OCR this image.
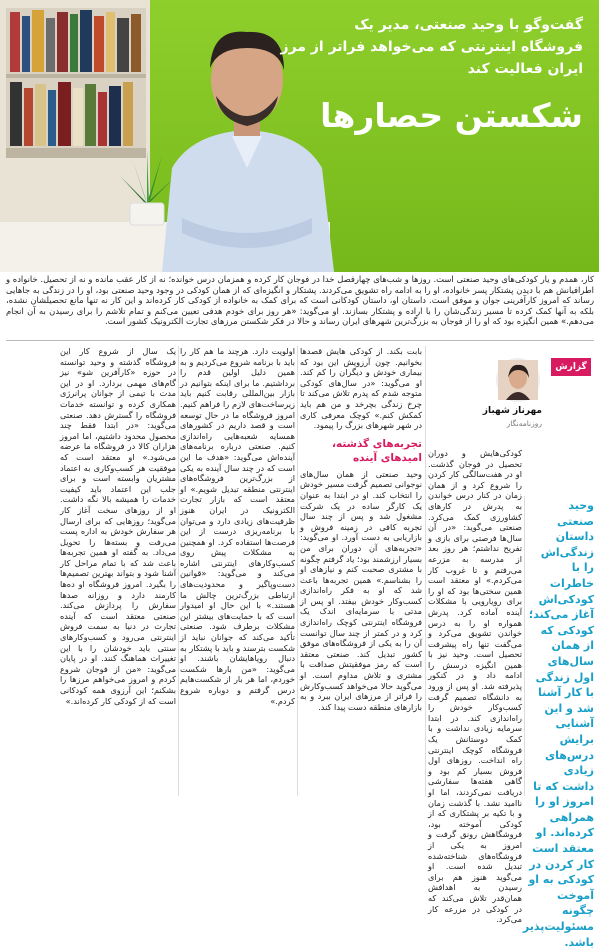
گفت‌وگو با وحید صنعتی، مدیر یک
فروشگاه اینترنتی که می‌خواهد فراتر از مرز ایران فعالیت کند
شکستن حصارها
کار، همدم و یار کودکی‌های وحید صنعتی است. روزها و شب‌های چهارفصل خدا در فوجان کار کرده و همزمان درس خوانده؛ نه از کار عقب مانده و نه از تحصیل. خانواده و اطرافیانش هم با دیدن پشتکار پسر خانواده، او را به ادامه راه تشویق می‌کردند. پشتکار و انگیزه‌ای که از همان کودکی در وجود وحید صنعتی بود، او را در زندگی به جاهایی رساند که امروز کارآفرینی جوان و موفق است. داستان او، داستان کودکانی است که برای کمک به خانواده از کودکی کار کرده‌اند و این کار نه تنها مانع تحصیلشان نشده، بلکه به آنها کمک کرده تا مسیر زندگی‌شان را با اراده و پشتکار بسازند. او می‌گوید: «هر روز برای خودم هدفی تعیین می‌کنم و تمام تلاشم را برای رسیدن به آن انجام می‌دهم.» همین انگیزه بود که او را از فوجان به بزرگ‌ترین شهرهای ایران رساند و حالا در فکر شکستن مرزهای تجارت الکترونیک کشور است.
گزارش
مهرناز شهباز
روزنامه‌نگار
کودکی‌هایش و دوران تحصیل در فوجان گذشت. او در هفت‌سالگی کار کردن را شروع کرد و از همان زمان در کنار درس خواندن به پدرش در کارهای کشاورزی کمک می‌کرد. صنعتی می‌گوید: «در آن سال‌ها فرصتی برای بازی و تفریح نداشتم؛ هر روز بعد از مدرسه به مزرعه می‌رفتم و تا غروب کار می‌کردم.» او معتقد است همین سختی‌ها بود که او را برای رویارویی با مشکلات آینده آماده کرد. پدرش همواره او را به درس خواندن تشویق می‌کرد و می‌گفت تنها راه پیشرفت تحصیل است. وحید نیز با همین انگیزه درسش را ادامه داد و در کنکور پذیرفته شد. او پس از ورود به دانشگاه تصمیم گرفت کسب‌وکار خودش را راه‌اندازی کند. در ابتدا سرمایه زیادی نداشت و با کمک دوستانش یک فروشگاه کوچک اینترنتی راه انداخت. روزهای اول فروش بسیار کم بود و گاهی هفته‌ها سفارشی دریافت نمی‌کردند، اما او ناامید نشد. با گذشت زمان و با تکیه بر پشتکاری که از کودکی آموخته بود، فروشگاهش رونق گرفت و امروز به یکی از فروشگاه‌های شناخته‌شده تبدیل شده است. او می‌گوید هنوز هم برای رسیدن به اهدافش همان‌قدر تلاش می‌کند که در کودکی در مزرعه کار می‌کرد.
وحید صنعتی داستان زندگی‌اش را با خاطرات کودکی‌اش آغاز می‌کند؛ کودکی که از همان سال‌های اول زندگی با کار آشنا شد و این آشنایی برایش درس‌های زیادی داشت که تا امروز او را همراهی کرده‌اند. او معتقد است کار کردن در کودکی به او آموخت چگونه مسئولیت‌پذیر باشد.
بابت بکند. از کودکی هایش قصدها بخوانیم. چون آرزویش این بود که بیماری خودش و دیگران را کم کند. او می‌گوید: «در سال‌های کودکی متوجه شدم که پدرم تلاش می‌کند تا چرخ زندگی بچرخد و من هم باید کمکش کنم.» کوچک معرفی کاری در شهر شهرهای بزرگ را پیمود.
تجربه‌های گذشته، امیدهای آینده
وحید صنعتی از همان سال‌های نوجوانی تصمیم گرفت مسیر خودش را انتخاب کند. او در ابتدا به عنوان یک کارگر ساده در یک شرکت مشغول شد و پس از چند سال تجربه کافی در زمینه فروش و بازاریابی به دست آورد. او می‌گوید: «تجربه‌های آن دوران برای من بسیار ارزشمند بود؛ یاد گرفتم چگونه با مشتری صحبت کنم و نیازهای او را بشناسم.» همین تجربه‌ها باعث شد که او به فکر راه‌اندازی کسب‌وکار خودش بیفتد. او پس از مدتی با سرمایه‌ای اندک یک فروشگاه اینترنتی کوچک راه‌اندازی کرد و در کمتر از چند سال توانست آن را به یکی از فروشگاه‌های موفق کشور تبدیل کند. صنعتی معتقد است که رمز موفقیتش صداقت با مشتری و تلاش مداوم است. او می‌گوید حالا می‌خواهد کسب‌وکارش را فراتر از مرزهای ایران ببرد و به بازارهای منطقه دست پیدا کند.
اولویت دارد. هرچند ما هم کار را باید با برنامه شروع می‌کردیم و به همین دلیل اولین قدم را برداشتیم. ما برای اینکه بتوانیم در بازار بین‌المللی رقابت کنیم باید زیرساخت‌های لازم را فراهم کنیم. امروز فروشگاه ما در حال توسعه است و قصد داریم در کشورهای همسایه شعبه‌هایی راه‌اندازی کنیم. صنعتی درباره برنامه‌های آینده‌اش می‌گوید: «هدف ما این است که در چند سال آینده به یکی از بزرگ‌ترین فروشگاه‌های اینترنتی منطقه تبدیل شویم.» او معتقد است که بازار تجارت الکترونیک در ایران هنوز ظرفیت‌های زیادی دارد و می‌توان با برنامه‌ریزی درست از این فرصت‌ها استفاده کرد. او همچنین به مشکلات پیش روی کسب‌وکارهای اینترنتی اشاره می‌کند و می‌گوید: «قوانین دست‌وپاگیر و محدودیت‌های ارتباطی بزرگ‌ترین چالش ما هستند.» با این حال او امیدوار است که با حمایت‌های بیشتر این مشکلات برطرف شود. صنعتی تأکید می‌کند که جوانان نباید از شکست بترسند و باید با پشتکار به دنبال رویاهایشان باشند. او می‌گوید: «من بارها شکست خوردم، اما هر بار از شکست‌هایم درس گرفتم و دوباره شروع کردم.»
یک سال از شروع کار این فروشگاه گذشته و وحید توانسته در حوزه «کارآفرین شو» نیز گام‌های مهمی بردارد. او در این مدت با تیمی از جوانان پرانرژی همکاری کرده و توانسته خدمات فروشگاه را گسترش دهد. صنعتی می‌گوید: «در ابتدا فقط چند محصول محدود داشتیم، اما امروز هزاران کالا در فروشگاه ما عرضه می‌شود.» او معتقد است که موفقیت هر کسب‌وکاری به اعتماد مشتریان وابسته است و برای جلب این اعتماد باید کیفیت خدمات را همیشه بالا نگه داشت. او از روزهای سخت آغاز کار می‌گوید؛ روزهایی که برای ارسال هر سفارش خودش به اداره پست می‌رفت و بسته‌ها را تحویل می‌داد. به گفته او همین تجربه‌ها باعث شد که با تمام مراحل کار آشنا شود و بتواند بهترین تصمیم‌ها را بگیرد. امروز فروشگاه او ده‌ها کارمند دارد و روزانه صدها سفارش را پردازش می‌کند. صنعتی معتقد است که آینده تجارت در دنیا به سمت فروش اینترنتی می‌رود و کسب‌وکارهای سنتی باید خودشان را با این تغییرات هماهنگ کنند. او در پایان می‌گوید: «من از فوجان شروع کردم و امروز می‌خواهم مرزها را بشکنم؛ این آرزوی همه کودکانی است که از کودکی کار کرده‌اند.»
